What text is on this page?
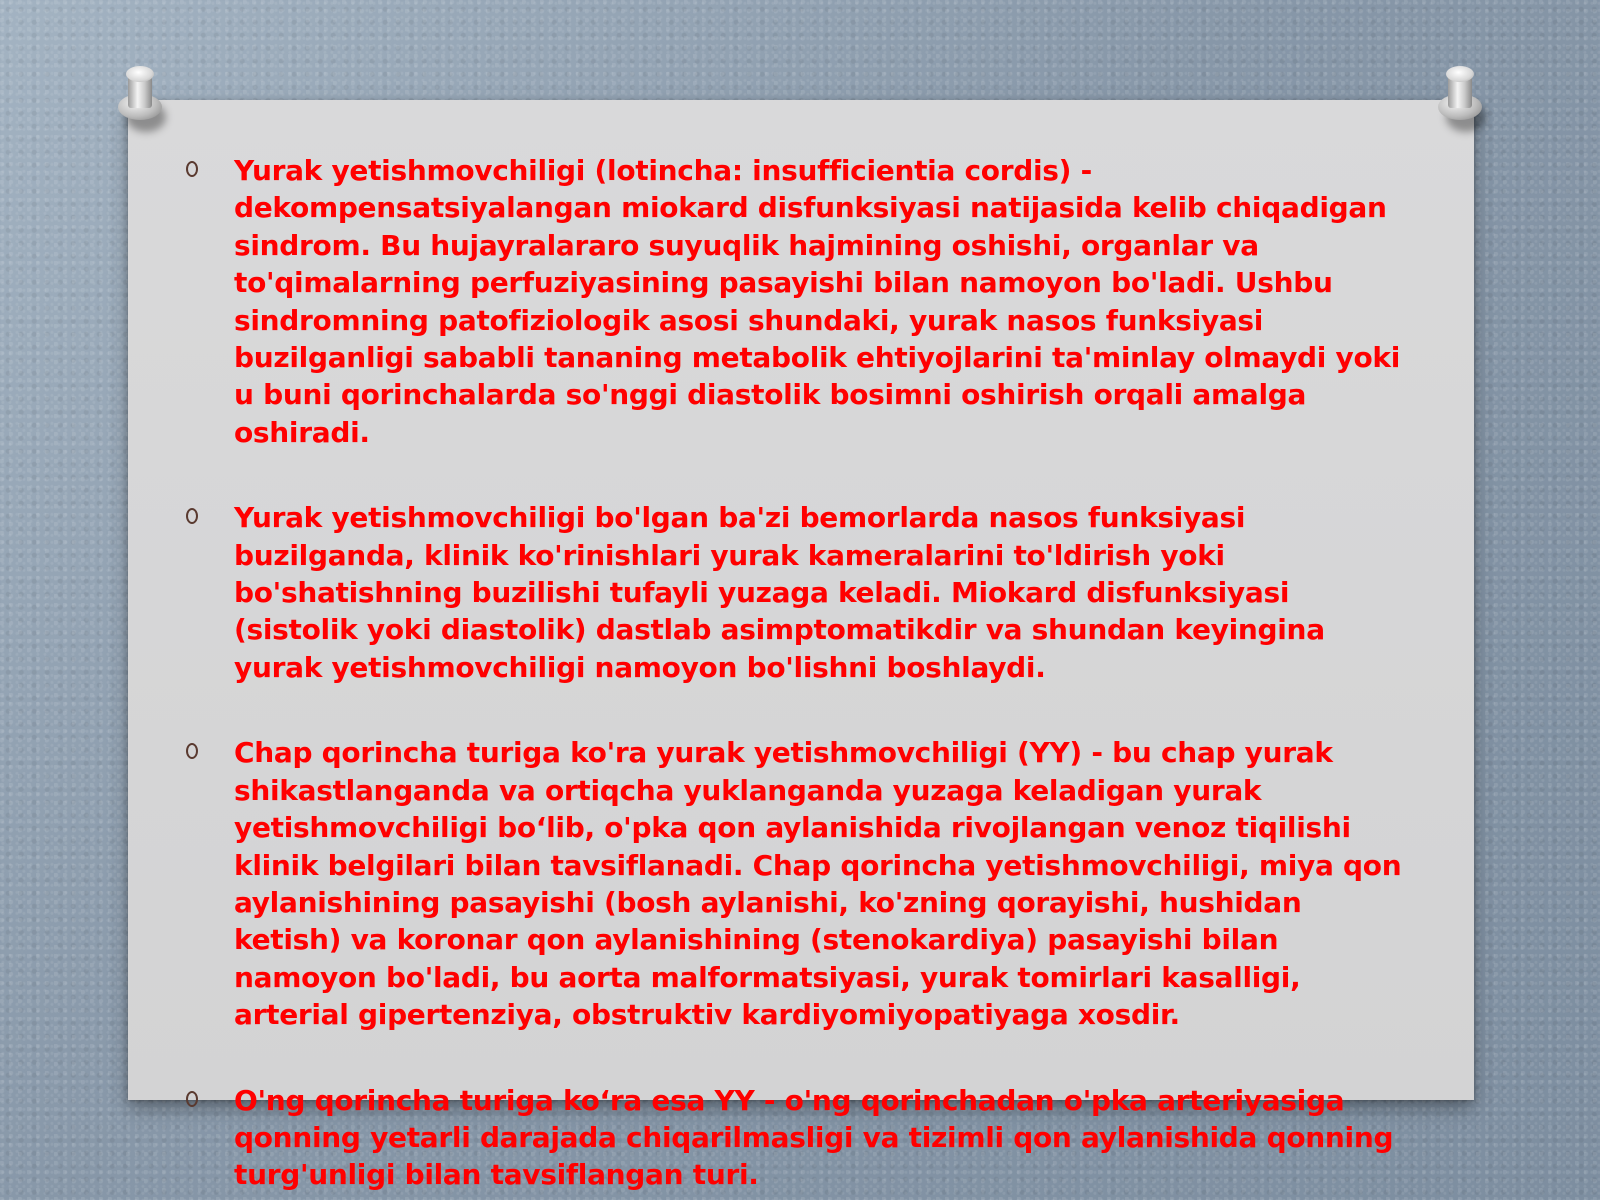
Yurak yetishmovchiligi (lotincha: insufficientia cordis) -
dekompensatsiyalangan miokard disfunksiyasi natijasida kelib chiqadigan
sindrom. Bu hujayralararo suyuqlik hajmining oshishi, organlar va
to'qimalarning perfuziyasining pasayishi bilan namoyon bo'ladi. Ushbu
sindromning patofiziologik asosi shundaki, yurak nasos funksiyasi
buzilganligi sababli tananing metabolik ehtiyojlarini ta'minlay olmaydi yoki
u buni qorinchalarda so'nggi diastolik bosimni oshirish orqali amalga
oshiradi.

Yurak yetishmovchiligi bo'lgan ba'zi bemorlarda nasos funksiyasi
buzilganda, klinik ko'rinishlari yurak kameralarini to'ldirish yoki
bo'shatishning buzilishi tufayli yuzaga keladi. Miokard disfunksiyasi
(sistolik yoki diastolik) dastlab asimptomatikdir va shundan keyingina
yurak yetishmovchiligi namoyon bo'lishni boshlaydi.

Chap qorincha turiga ko'ra yurak yetishmovchiligi (YY) - bu chap yurak
shikastlanganda va ortiqcha yuklanganda yuzaga keladigan yurak
yetishmovchiligi bo‘lib, o'pka qon aylanishida rivojlangan venoz tiqilishi
klinik belgilari bilan tavsiflanadi. Chap qorincha yetishmovchiligi, miya qon
aylanishining pasayishi (bosh aylanishi, ko'zning qorayishi, hushidan
ketish) va koronar qon aylanishining (stenokardiya) pasayishi bilan
namoyon bo'ladi, bu aorta malformatsiyasi, yurak tomirlari kasalligi,
arterial gipertenziya, obstruktiv kardiyomiyopatiyaga xosdir.

O'ng qorincha turiga ko‘ra esa YY - o'ng qorinchadan o'pka arteriyasiga
qonning yetarli darajada chiqarilmasligi va tizimli qon aylanishida qonning
turg'unligi bilan tavsiflangan turi.
